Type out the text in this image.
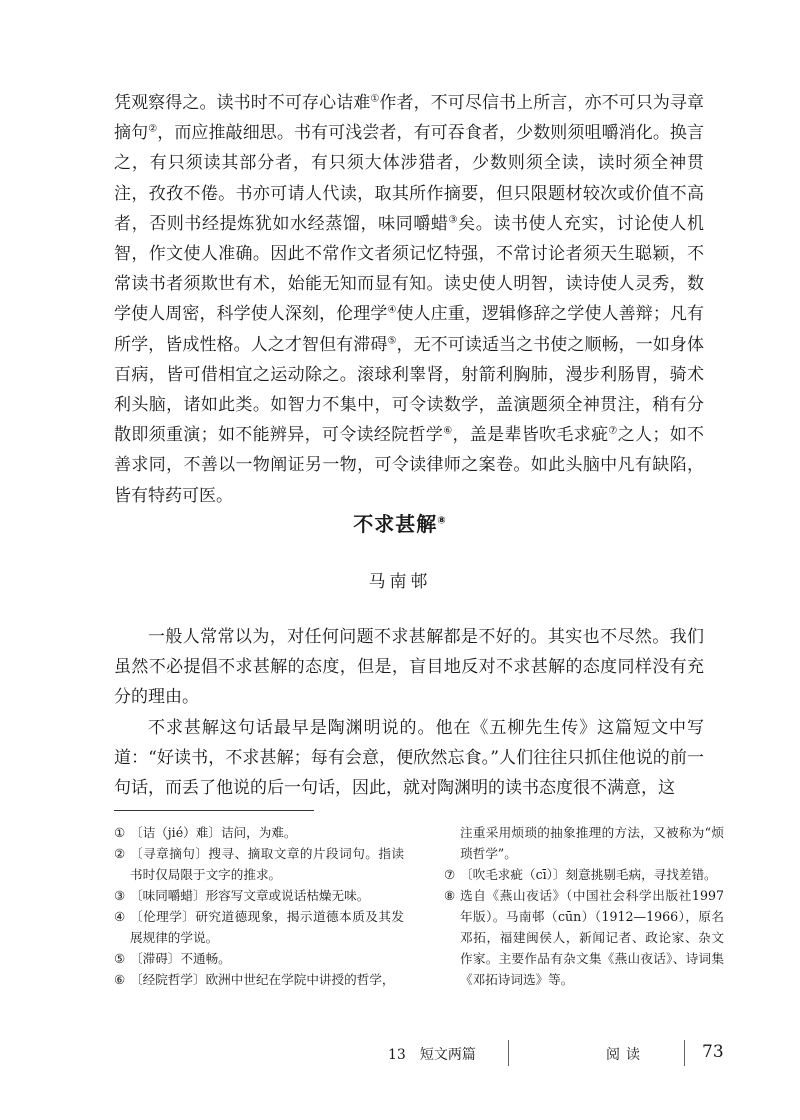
凭观察得之。读书时不可存心诘难①作者，不可尽信书上所言，亦不可只为寻章摘句②，而应推敲细思。书有可浅尝者，有可吞食者，少数则须咀嚼消化。换言之，有只须读其部分者，有只须大体涉猎者，少数则须全读，读时须全神贯注，孜孜不倦。书亦可请人代读，取其所作摘要，但只限题材较次或价值不高者，否则书经提炼犹如水经蒸馏，味同嚼蜡③矣。读书使人充实，讨论使人机智，作文使人准确。因此不常作文者须记忆特强，不常讨论者须天生聪颖，不常读书者须欺世有术，始能无知而显有知。读史使人明智，读诗使人灵秀，数学使人周密，科学使人深刻，伦理学④使人庄重，逻辑修辞之学使人善辩；凡有所学，皆成性格。人之才智但有滞碍⑤，无不可读适当之书使之顺畅，一如身体百病，皆可借相宜之运动除之。滚球利睾肾，射箭利胸肺，漫步利肠胃，骑术利头脑，诸如此类。如智力不集中，可令读数学，盖演题须全神贯注，稍有分散即须重演；如不能辨异，可令读经院哲学⑥，盖是辈皆吹毛求疵⑦之人；如不善求同，不善以一物阐证另一物，可令读律师之案卷。如此头脑中凡有缺陷，皆有特药可医。

不求甚解⑧
马南邨

一般人常常以为，对任何问题不求甚解都是不好的。其实也不尽然。我们虽然不必提倡不求甚解的态度，但是，盲目地反对不求甚解的态度同样没有充分的理由。

不求甚解这句话最早是陶渊明说的。他在《五柳先生传》这篇短文中写道：“好读书，不求甚解；每有会意，便欣然忘食。”人们往往只抓住他说的前一句话，而丢了他说的后一句话，因此，就对陶渊明的读书态度很不满意，这

① 〔诘（jié）难〕诘问，为难。
② 〔寻章摘句〕搜寻、摘取文章的片段词句。指读书时仅局限于文字的推求。
③ 〔味同嚼蜡〕形容写文章或说话枯燥无味。
④ 〔伦理学〕研究道德现象，揭示道德本质及其发展规律的学说。
⑤ 〔滞碍〕不通畅。
⑥ 〔经院哲学〕欧洲中世纪在学院中讲授的哲学，
注重采用烦琐的抽象推理的方法，又被称为“烦琐哲学”。
⑦ 〔吹毛求疵（cī）〕刻意挑剔毛病，寻找差错。
⑧ 选自《燕山夜话》（中国社会科学出版社1997年版）。马南邨（cūn）（1912—1966），原名邓拓，福建闽侯人，新闻记者、政论家、杂文作家。主要作品有杂文集《燕山夜话》、诗词集《邓拓诗词选》等。
13　短文两篇	阅读	73
